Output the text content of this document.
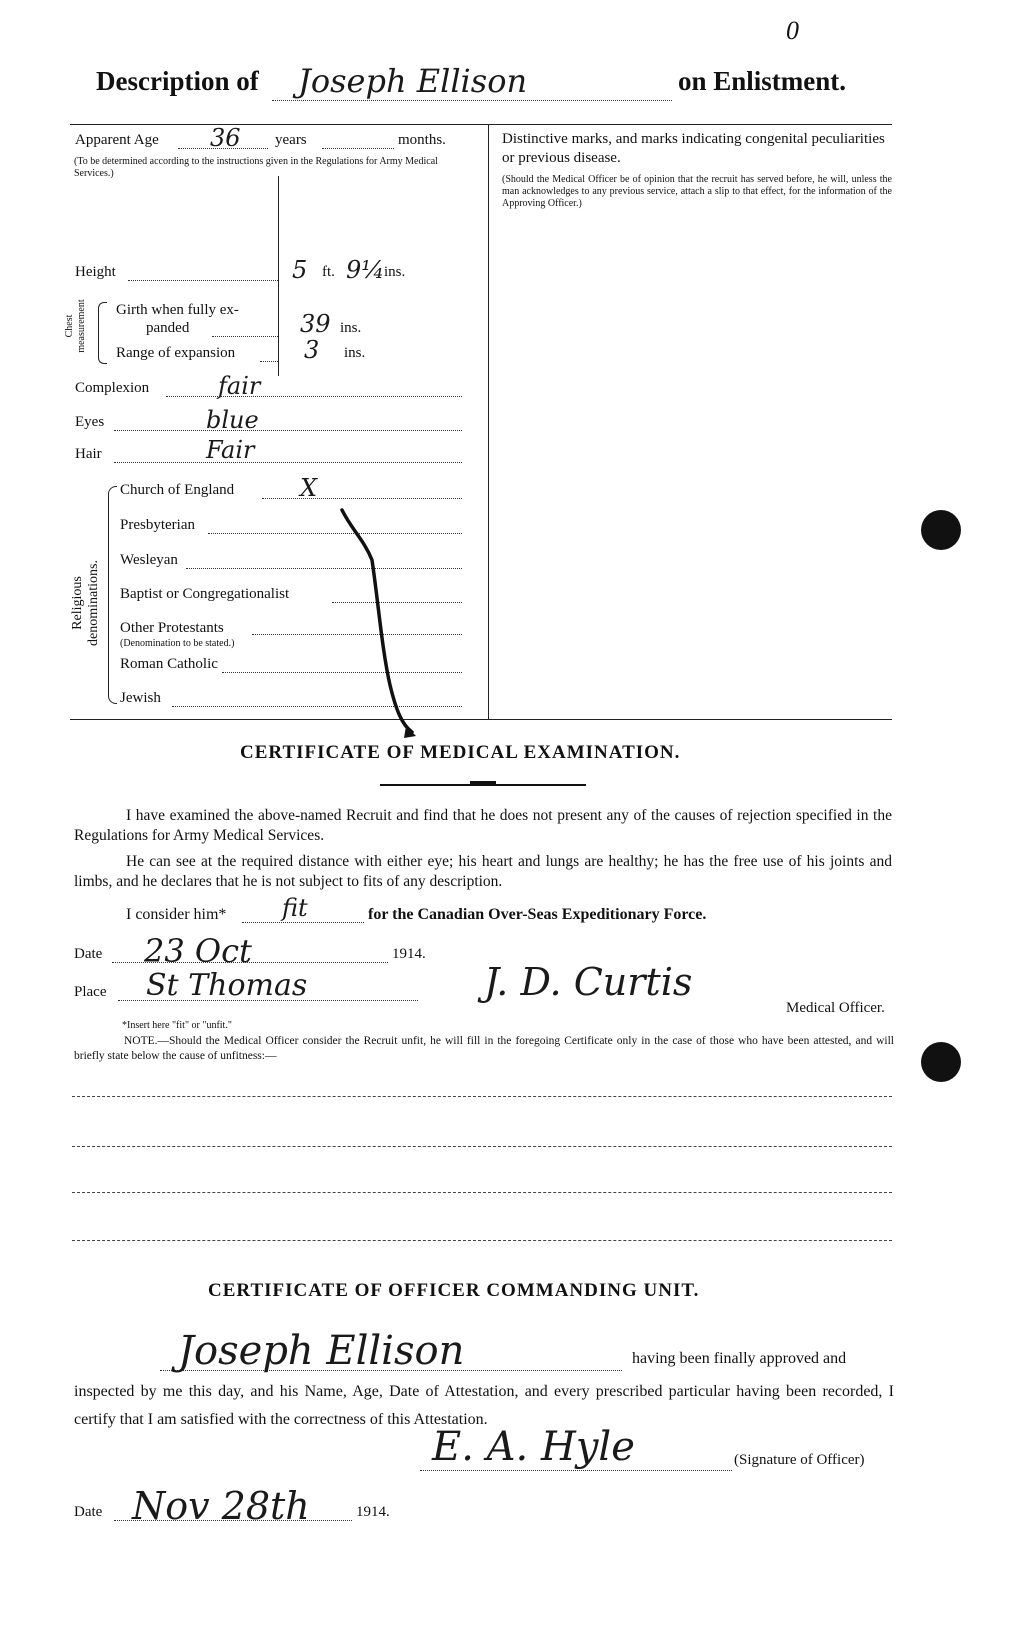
0
Description of Joseph Ellison	on Enlistment.
Apparent Age 36 years	months.
(To be determined according to the instructions given in the Regulations for Army Medical Services.)
Height	5 ft. 9¼ ins.
Chest measurement Girth when fully ex-
panded	39 ins.
Range of expansion	3 ins.
Complexion	fair
Eyes	blue
Hair	Fair
Religious denominations.
Church of England	X
Presbyterian
Wesleyan
Baptist or Congregationalist
Other Protestants
(Denomination to be stated.)
Roman Catholic
Jewish
Distinctive marks, and marks indicating congenital peculiarities or previous disease.
(Should the Medical Officer be of opinion that the recruit has served before, he will, unless the man acknowledges to any previous service, attach a slip to that effect, for the information of the Approving Officer.)
CERTIFICATE OF MEDICAL EXAMINATION.
I have examined the above-named Recruit and find that he does not present any of the causes of rejection specified in the Regulations for Army Medical Services.
He can see at the required distance with either eye; his heart and lungs are healthy; he has the free use of his joints and limbs, and he declares that he is not subject to fits of any description.
I consider him* fit	for the Canadian Over-Seas Expeditionary Force.
Date 23 Oct	1914.
Place St Thomas	J. D. Curtis
Medical Officer.
*Insert here "fit" or "unfit."
NOTE.—Should the Medical Officer consider the Recruit unfit, he will fill in the foregoing Certificate only in the case of those who have been attested, and will briefly state below the cause of unfitness:—
CERTIFICATE OF OFFICER COMMANDING UNIT.
Joseph Ellison	having been finally approved and
inspected by me this day, and his Name, Age, Date of Attestation, and every prescribed particular having been recorded, I certify that I am satisfied with the correctness of this Attestation.
E. A. Hyle	(Signature of Officer)
Date Nov 28th	1914.
